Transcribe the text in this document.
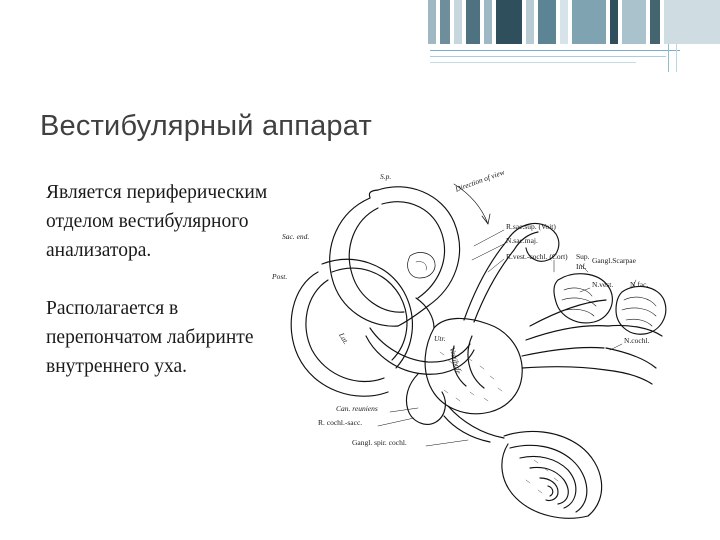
Вестибулярный аппарат
Является периферическим отделом вестибулярного анализатора.
Располагается в перепончатом лабиринте внутреннего уха.
S.p.	Direction of view
Sac. end.
R.sac.sup. (Voit)
N.sac.maj.
R.vest.-cochl. (Cort) Sup.
Inf.
Gangl.Scarpae
Post.
N.vest. N.fac.
Lat.	Utr.	N.cochl.
Vestibule
Can. reuniens
R. cochl.-sacc.
Gangl. spir. cochl.
